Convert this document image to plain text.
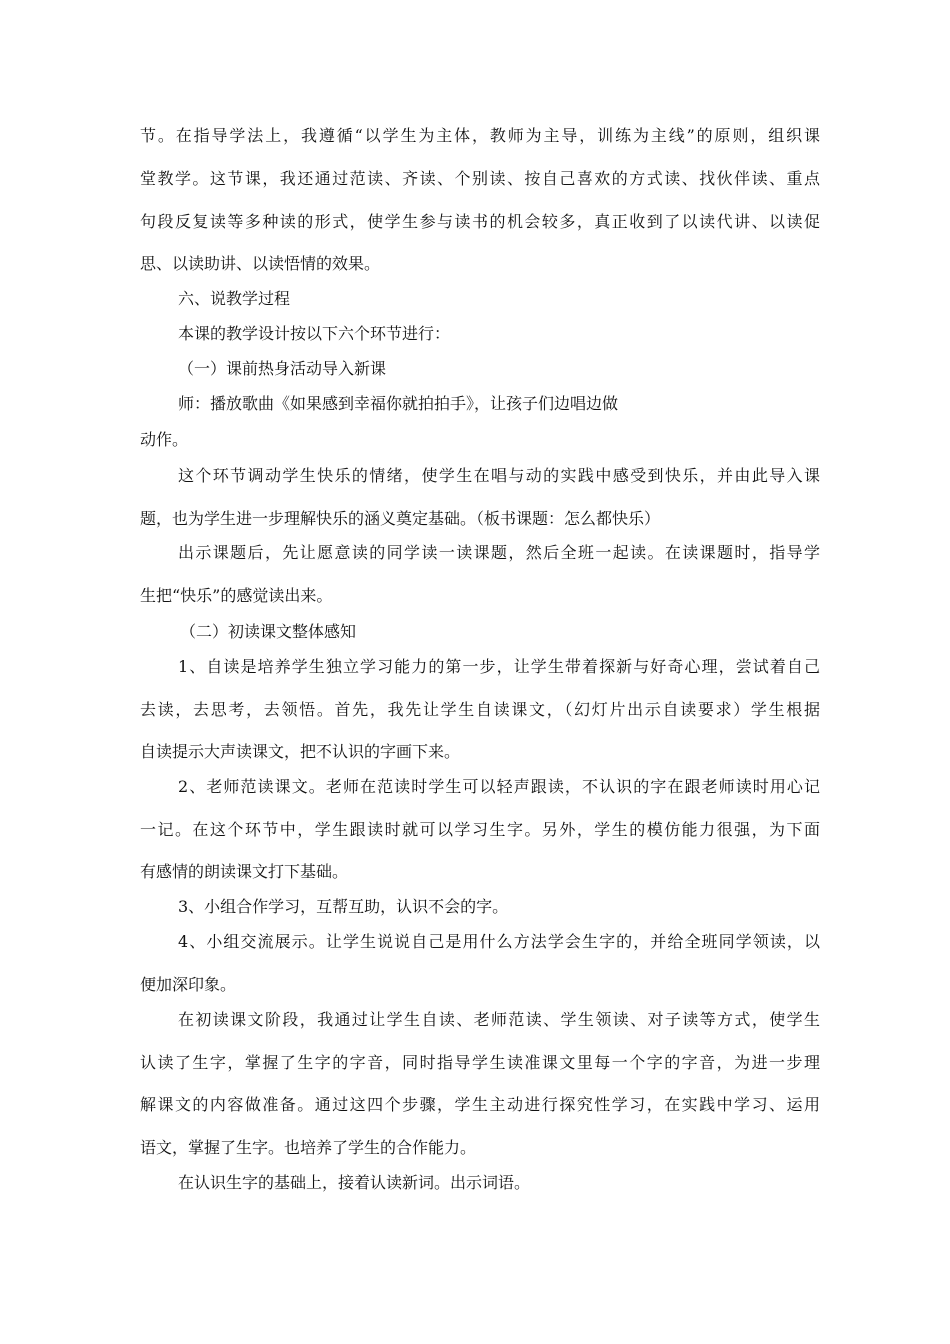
节。在指导学法上，我遵循“以学生为主体，教师为主导，训练为主线”的原则，组织课
堂教学。这节课，我还通过范读、齐读、个别读、按自己喜欢的方式读、找伙伴读、重点
句段反复读等多种读的形式，使学生参与读书的机会较多，真正收到了以读代讲、以读促
思、以读助讲、以读悟情的效果。
六、说教学过程
本课的教学设计按以下六个环节进行：
（一）课前热身活动导入新课
师：播放歌曲《如果感到幸福你就拍拍手》，让孩子们边唱边做
动作。
这个环节调动学生快乐的情绪，使学生在唱与动的实践中感受到快乐，并由此导入课
题，也为学生进一步理解快乐的涵义奠定基础。（板书课题：怎么都快乐）
出示课题后，先让愿意读的同学读一读课题，然后全班一起读。在读课题时，指导学
生把“快乐”的感觉读出来。
（二）初读课文整体感知
1、自读是培养学生独立学习能力的第一步，让学生带着探新与好奇心理，尝试着自己
去读，去思考，去领悟。首先，我先让学生自读课文，（幻灯片出示自读要求）学生根据
自读提示大声读课文，把不认识的字画下来。
2、老师范读课文。老师在范读时学生可以轻声跟读，不认识的字在跟老师读时用心记
一记。在这个环节中，学生跟读时就可以学习生字。另外，学生的模仿能力很强，为下面
有感情的朗读课文打下基础。
3、小组合作学习，互帮互助，认识不会的字。
4、小组交流展示。让学生说说自己是用什么方法学会生字的，并给全班同学领读，以
便加深印象。
在初读课文阶段，我通过让学生自读、老师范读、学生领读、对子读等方式，使学生
认读了生字，掌握了生字的字音，同时指导学生读准课文里每一个字的字音，为进一步理
解课文的内容做准备。通过这四个步骤，学生主动进行探究性学习，在实践中学习、运用
语文，掌握了生字。也培养了学生的合作能力。
在认识生字的基础上，接着认读新词。出示词语。
